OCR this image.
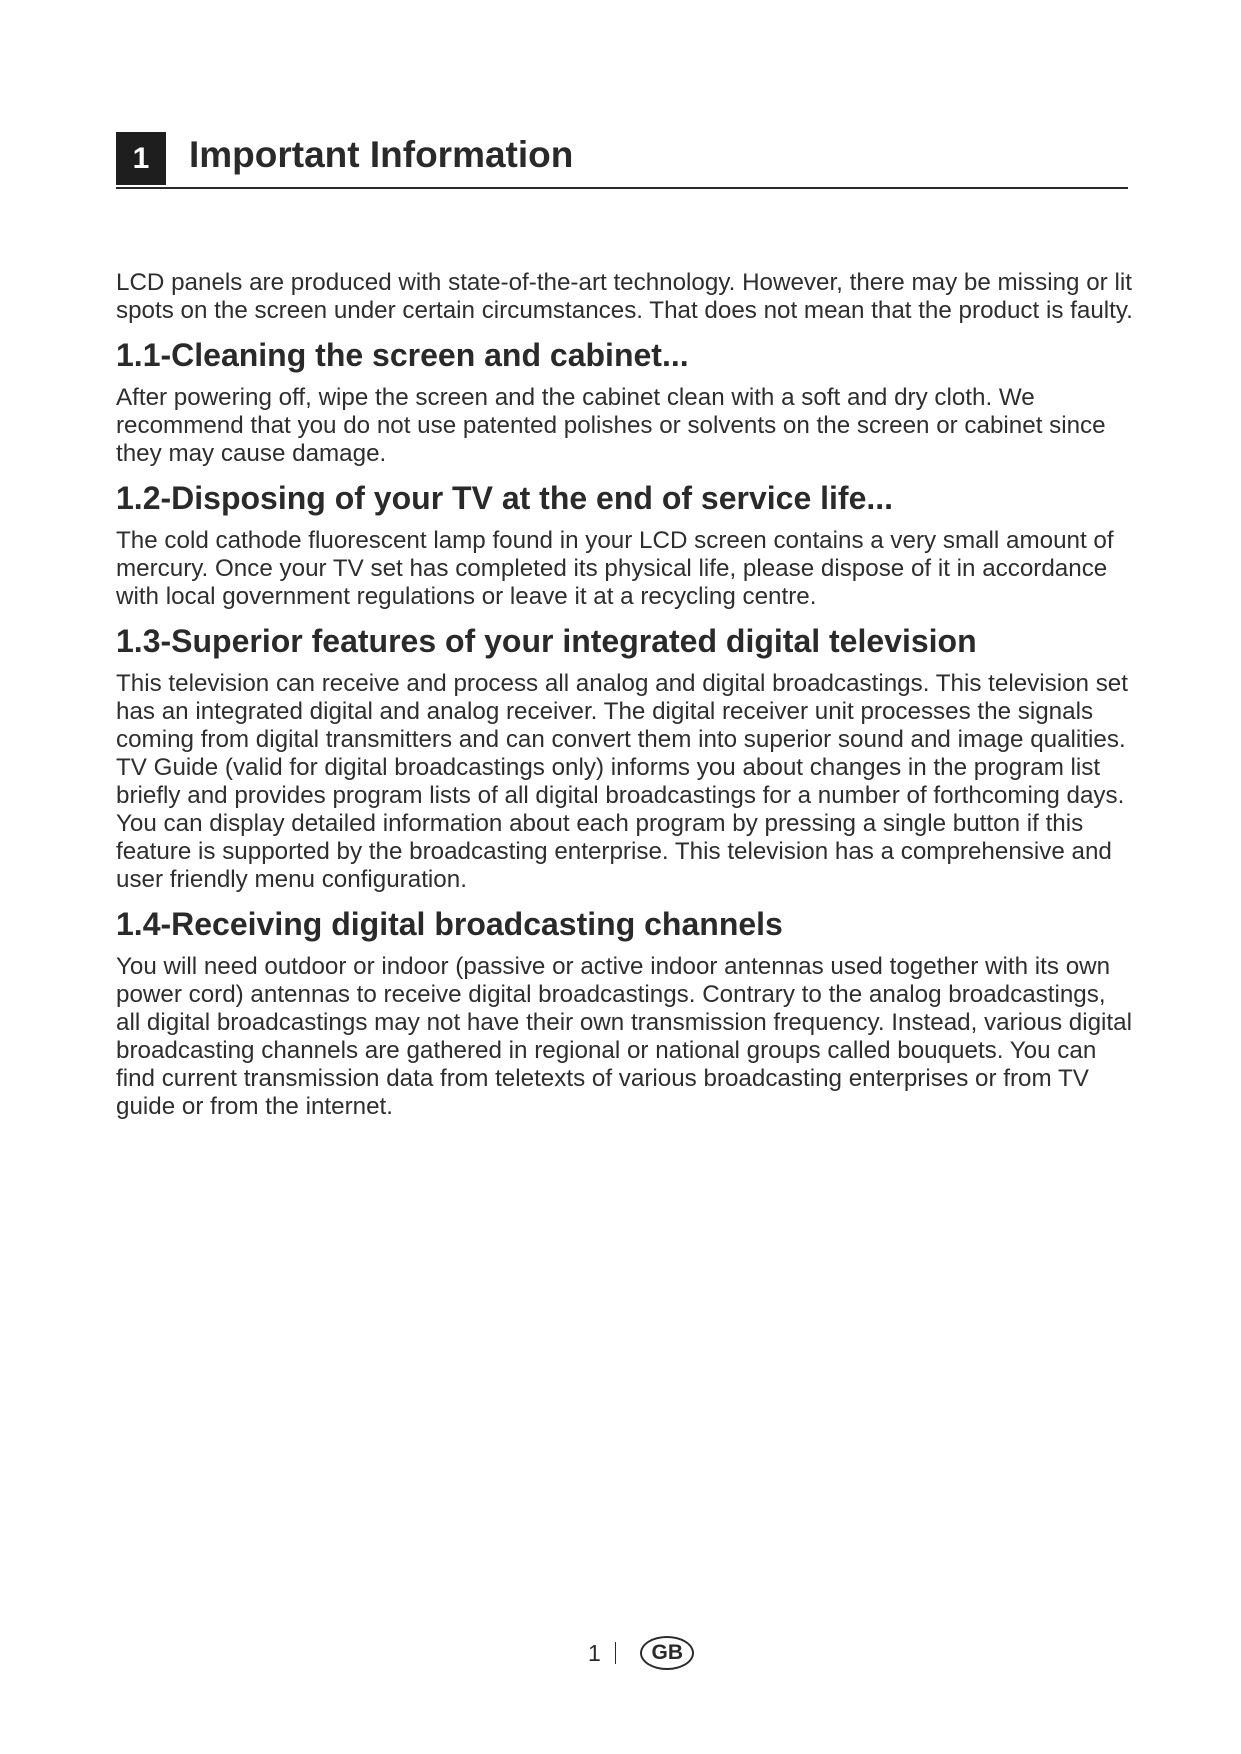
1	Important Information

LCD panels are produced with state-of-the-art technology. However, there may be missing or lit spots on the screen under certain circumstances. That does not mean that the product is faulty.

1.1-Cleaning the screen and cabinet...

After powering off, wipe the screen and the cabinet clean with a soft and dry cloth. We recommend that you do not use patented polishes or solvents on the screen or cabinet since they may cause damage.

1.2-Disposing of your TV at the end of service life...

The cold cathode fluorescent lamp found in your LCD screen contains a very small amount of mercury. Once your TV set has completed its physical life, please dispose of it in accordance with local government regulations or leave it at a recycling centre.

1.3-Superior features of your integrated digital television

This television can receive and process all analog and digital broadcastings. This television set has an integrated digital and analog receiver. The digital receiver unit processes the signals coming from digital transmitters and can convert them into superior sound and image qualities. TV Guide (valid for digital broadcastings only) informs you about changes in the program list briefly and provides program lists of all digital broadcastings for a number of forthcoming days. You can display detailed information about each program by pressing a single button if this feature is supported by the broadcasting enterprise. This television has a comprehensive and user friendly menu configuration.

1.4-Receiving digital broadcasting channels

You will need outdoor or indoor (passive or active indoor antennas used together with its own power cord) antennas to receive digital broadcastings. Contrary to the analog broadcastings, all digital broadcastings may not have their own transmission frequency. Instead, various digital broadcasting channels are gathered in regional or national groups called bouquets. You can find current transmission data from teletexts of various broadcasting enterprises or from TV guide or from the internet.

1	GB
